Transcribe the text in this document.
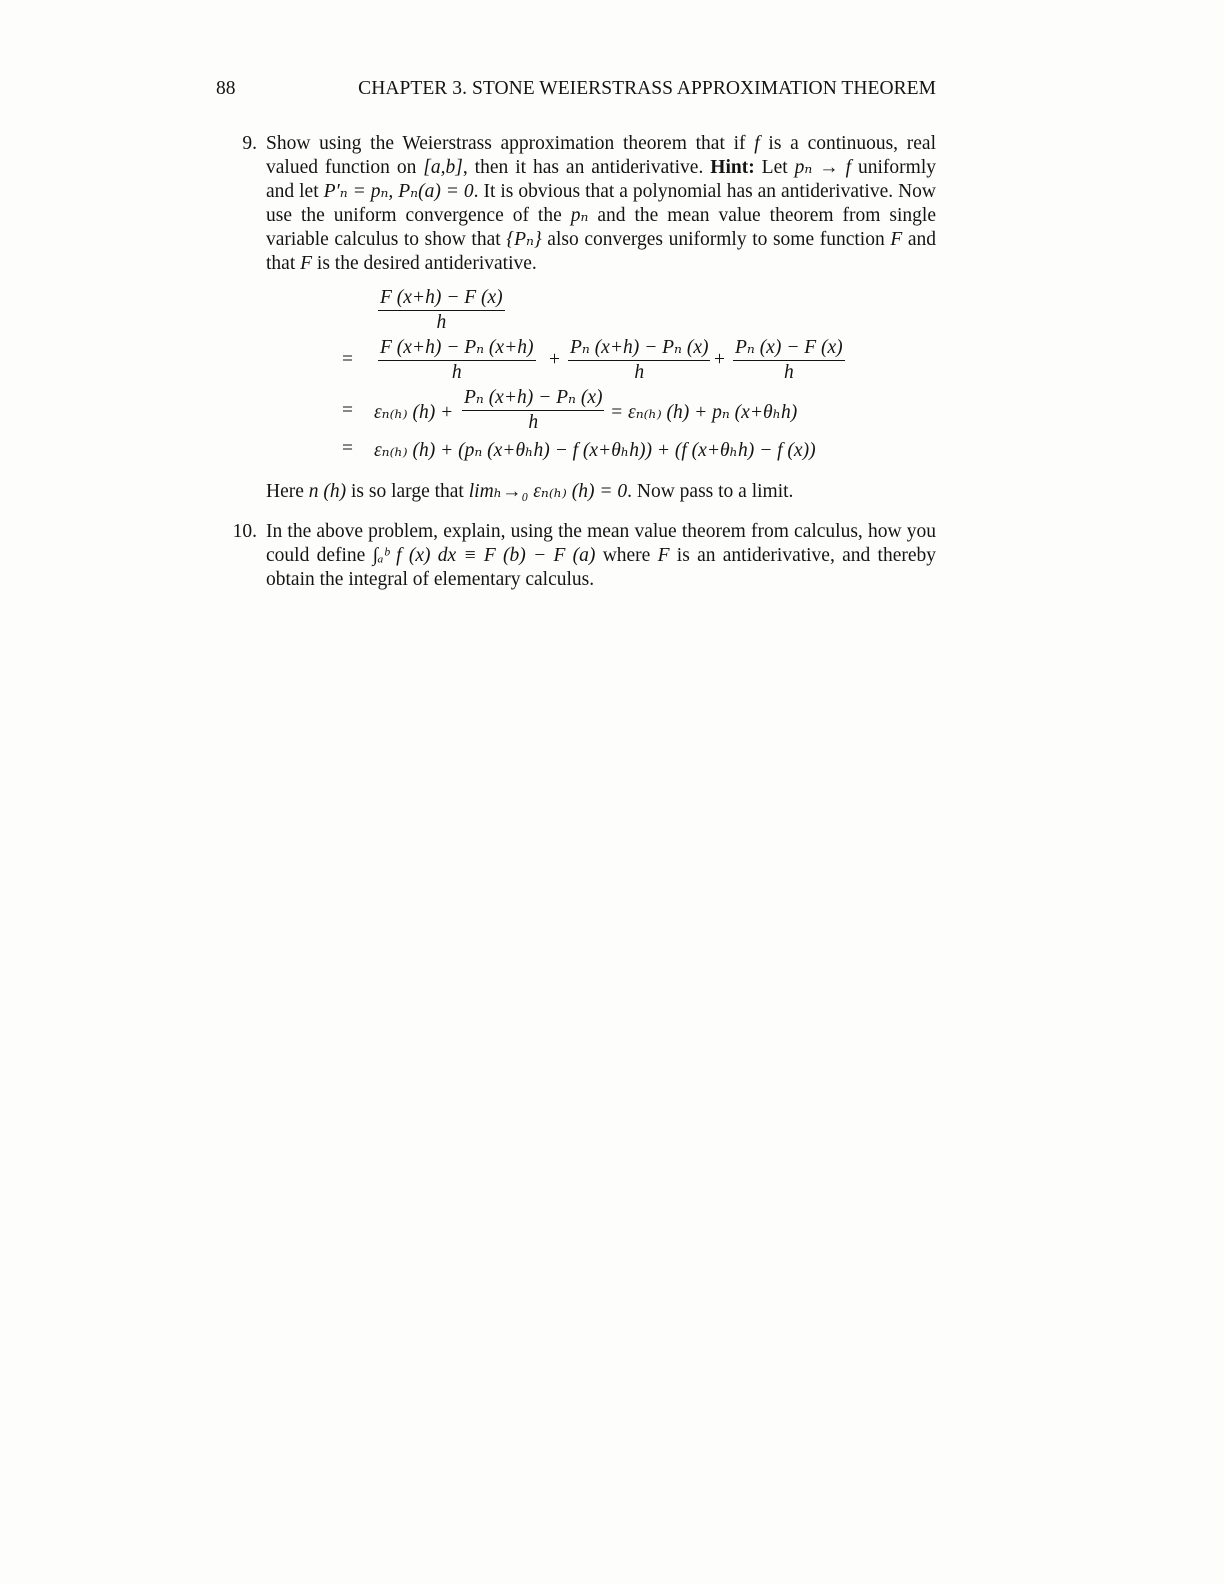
88	CHAPTER 3. STONE WEIERSTRASS APPROXIMATION THEOREM
9. Show using the Weierstrass approximation theorem that if f is a continuous, real valued function on [a,b], then it has an antiderivative. Hint: Let pₙ → f uniformly and let P′ₙ = pₙ, Pₙ(a) = 0. It is obvious that a polynomial has an antiderivative. Now use the uniform convergence of the pₙ and the mean value theorem from single variable calculus to show that {Pₙ} also converges uniformly to some function F and that F is the desired antiderivative.

$\frac{F (x+h) - F (x)}{h}$
= $\frac{\text{F (x+h) − Pₙ (x+h)}}{h} + \frac{\text{Pₙ (x+h) − Pₙ (x)}}{h} + \frac{\text{Pₙ (x) − F (x)}}{h}$
= εₙ₍ₕ₎ $(h) + \frac{\text{Pₙ (x+h) − Pₙ (x)}}{h} = \varepsilon_{n(h)}$ (h) + pₙ (x+θₕh)
= εₙ₍ₕ₎ (h) + (pₙ (x+θₕh) − f (x+θₕh)) + (f (x+θₕh) − f (x))
Here n (h) is so large that limₕ→₀ εₙ₍ₕ₎ (h) = 0. Now pass to a limit.
10. In the above problem, explain, using the mean value theorem from calculus, how you could define ∫ₐᵇ f (x) dx ≡ F (b) − F (a) where F is an antiderivative, and thereby obtain the integral of elementary calculus.
